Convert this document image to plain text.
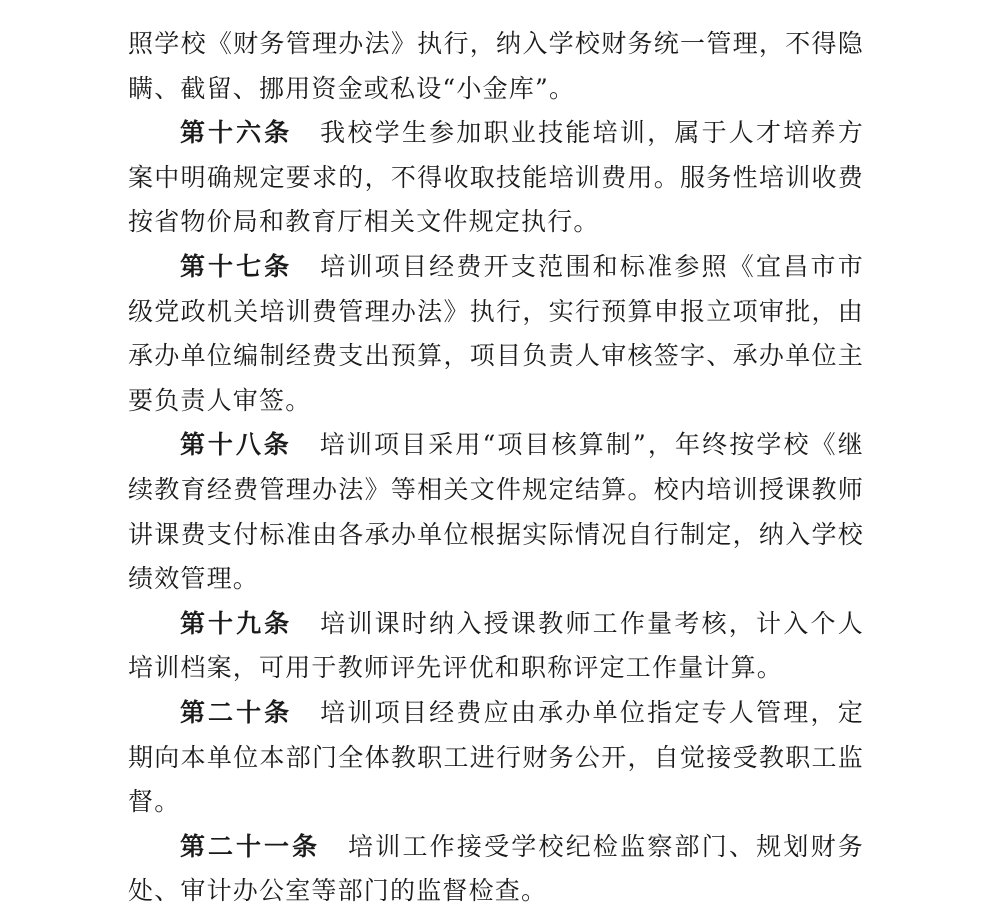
照学校《财务管理办法》执行，纳入学校财务统一管理，不得隐瞒、截留、挪用资金或私设“小金库”。

第十六条 我校学生参加职业技能培训，属于人才培养方案中明确规定要求的，不得收取技能培训费用。服务性培训收费按省物价局和教育厅相关文件规定执行。

第十七条 培训项目经费开支范围和标准参照《宜昌市市级党政机关培训费管理办法》执行，实行预算申报立项审批，由承办单位编制经费支出预算，项目负责人审核签字、承办单位主要负责人审签。

第十八条 培训项目采用“项目核算制”，年终按学校《继续教育经费管理办法》等相关文件规定结算。校内培训授课教师讲课费支付标准由各承办单位根据实际情况自行制定，纳入学校绩效管理。

第十九条 培训课时纳入授课教师工作量考核，计入个人培训档案，可用于教师评先评优和职称评定工作量计算。

第二十条 培训项目经费应由承办单位指定专人管理，定期向本单位本部门全体教职工进行财务公开，自觉接受教职工监督。

第二十一条 培训工作接受学校纪检监察部门、规划财务处、审计办公室等部门的监督检查。
